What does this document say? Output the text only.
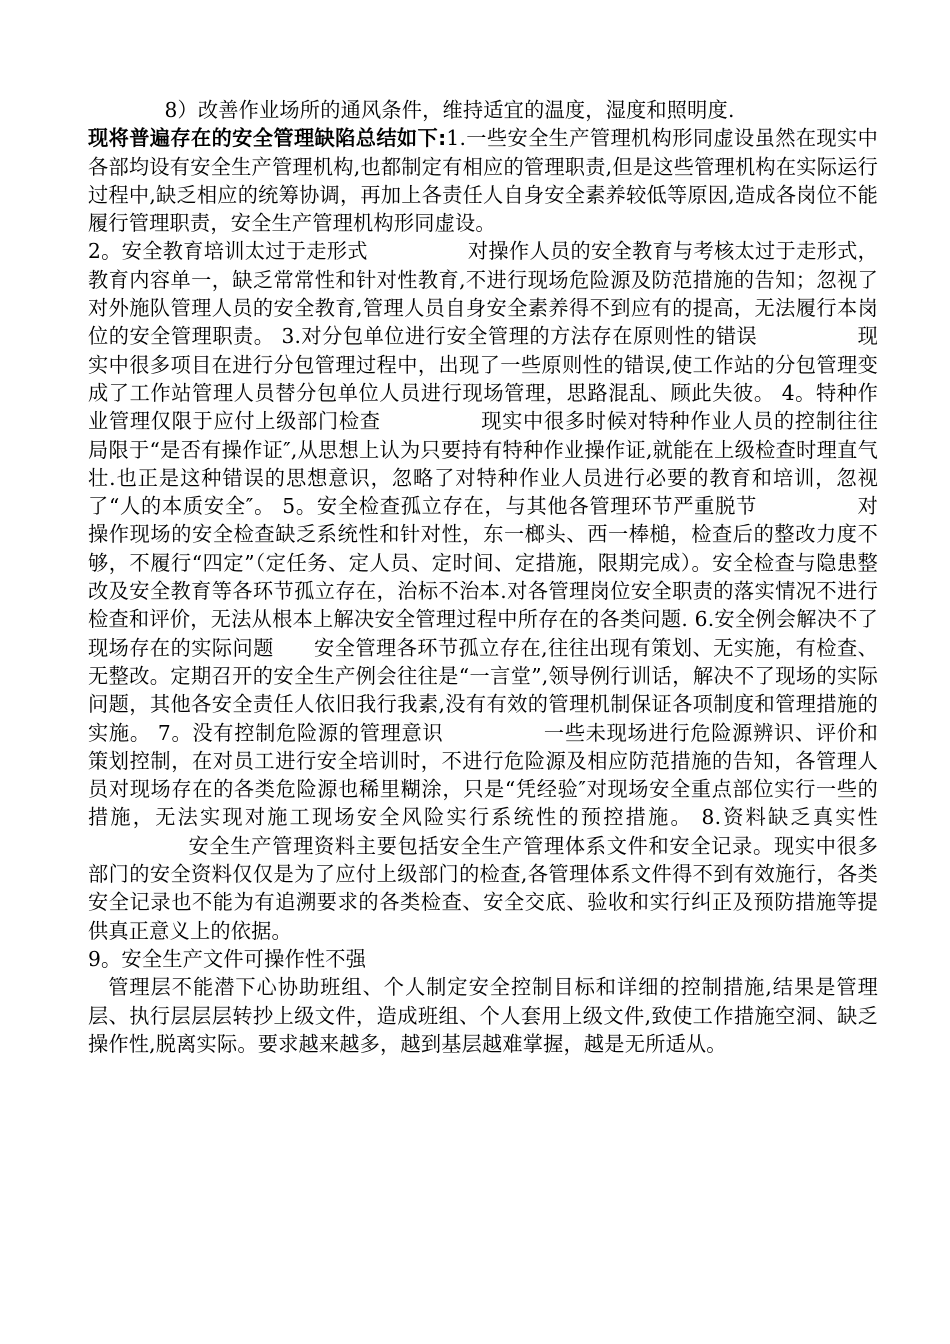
8）改善作业场所的通风条件，维持适宜的温度，湿度和照明度.

现将普遍存在的安全管理缺陷总结如下:1.一些安全生产管理机构形同虚设虽然在现实中各部均设有安全生产管理机构,也都制定有相应的管理职责,但是这些管理机构在实际运行过程中,缺乏相应的统筹协调，再加上各责任人自身安全素养较低等原因,造成各岗位不能履行管理职责，安全生产管理机构形同虚设。

2。安全教育培训太过于走形式	对操作人员的安全教育与考核太过于走形式，教育内容单一，缺乏常常性和针对性教育,不进行现场危险源及防范措施的告知；忽视了对外施队管理人员的安全教育,管理人员自身安全素养得不到应有的提高，无法履行本岗位的安全管理职责。 3.对分包单位进行安全管理的方法存在原则性的错误	现实中很多项目在进行分包管理过程中，出现了一些原则性的错误,使工作站的分包管理变成了工作站管理人员替分包单位人员进行现场管理，思路混乱、顾此失彼。 4。特种作业管理仅限于应付上级部门检查	现实中很多时候对特种作业人员的控制往往局限于“是否有操作证″,从思想上认为只要持有特种作业操作证,就能在上级检查时理直气壮.也正是这种错误的思想意识，忽略了对特种作业人员进行必要的教育和培训，忽视了“人的本质安全″。 5。安全检查孤立存在，与其他各管理环节严重脱节	对操作现场的安全检查缺乏系统性和针对性，东一榔头、西一棒槌，检查后的整改力度不够，不履行“四定”（定任务、定人员、定时间、定措施，限期完成）。安全检查与隐患整改及安全教育等各环节孤立存在，治标不治本.对各管理岗位安全职责的落实情况不进行检查和评价，无法从根本上解决安全管理过程中所存在的各类问题. 6.安全例会解决不了现场存在的实际问题 安全管理各环节孤立存在,往往出现有策划、无实施，有检查、无整改。定期召开的安全生产例会往往是“一言堂”,领导例行训话，解决不了现场的实际问题，其他各安全责任人依旧我行我素,没有有效的管理机制保证各项制度和管理措施的实施。 7。没有控制危险源的管理意识	一些未现场进行危险源辨识、评价和策划控制，在对员工进行安全培训时，不进行危险源及相应防范措施的告知，各管理人员对现场存在的各类危险源也稀里糊涂，只是“凭经验″对现场安全重点部位实行一些的措施，无法实现对施工现场安全风险实行系统性的预控措施。 8.资料缺乏真实性安全生产管理资料主要包括安全生产管理体系文件和安全记录。现实中很多部门的安全资料仅仅是为了应付上级部门的检查,各管理体系文件得不到有效施行，各类安全记录也不能为有追溯要求的各类检查、安全交底、验收和实行纠正及预防措施等提供真正意义上的依据。

9。安全生产文件可操作性不强

管理层不能潜下心协助班组、个人制定安全控制目标和详细的控制措施,结果是管理层、执行层层层转抄上级文件，造成班组、个人套用上级文件,致使工作措施空洞、缺乏操作性,脱离实际。要求越来越多，越到基层越难掌握，越是无所适从。
